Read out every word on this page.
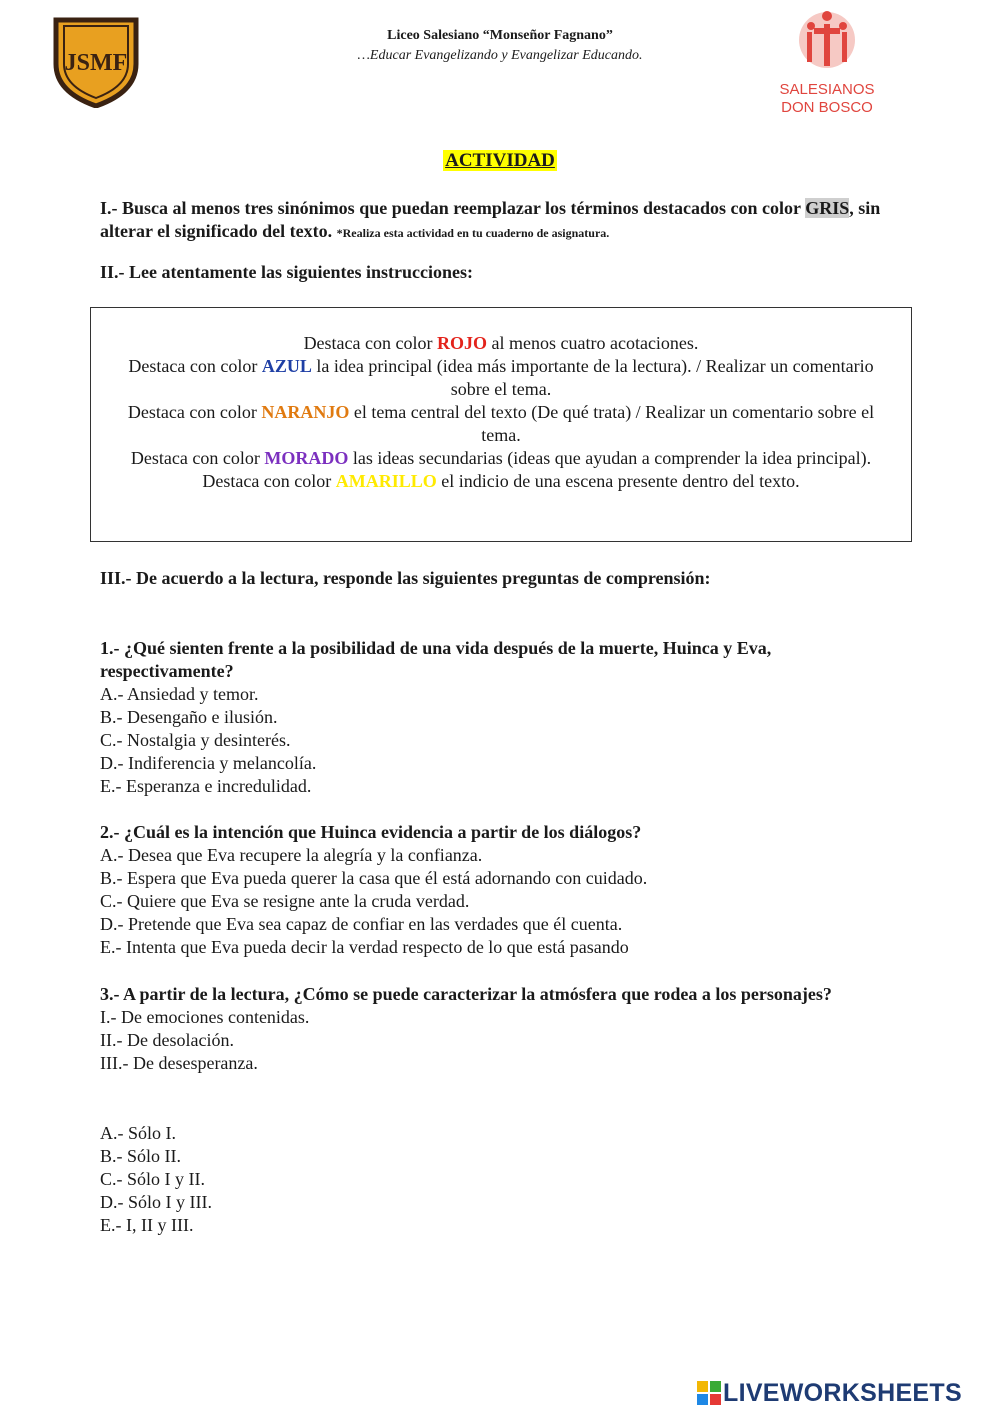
JSMF
Liceo Salesiano “Monseñor Fagnano”
…Educar Evangelizando y Evangelizar Educando.
SALESIANOS
DON BOSCO
ACTIVIDAD
I.- Busca al menos tres sinónimos que puedan reemplazar los términos destacados con color GRIS, sin alterar el significado del texto. *Realiza esta actividad en tu cuaderno de asignatura.
II.- Lee atentamente las siguientes instrucciones:
Destaca con color ROJO al menos cuatro acotaciones.
Destaca con color AZUL la idea principal (idea más importante de la lectura). / Realizar un comentario sobre el tema.
Destaca con color NARANJO el tema central del texto (De qué trata) / Realizar un comentario sobre el tema.
Destaca con color MORADO las ideas secundarias (ideas que ayudan a comprender la idea principal).
Destaca con color AMARILLO el indicio de una escena presente dentro del texto.
III.- De acuerdo a la lectura, responde las siguientes preguntas de comprensión:
1.- ¿Qué sienten frente a la posibilidad de una vida después de la muerte, Huinca y Eva, respectivamente?
A.- Ansiedad y temor.
B.- Desengaño e ilusión.
C.- Nostalgia y desinterés.
D.- Indiferencia y melancolía.
E.- Esperanza e incredulidad.
2.- ¿Cuál es la intención que Huinca evidencia a partir de los diálogos?
A.- Desea que Eva recupere la alegría y la confianza.
B.- Espera que Eva pueda querer la casa que él está adornando con cuidado.
C.- Quiere que Eva se resigne ante la cruda verdad.
D.- Pretende que Eva sea capaz de confiar en las verdades que él cuenta.
E.- Intenta que Eva pueda decir la verdad respecto de lo que está pasando
3.- A partir de la lectura, ¿Cómo se puede caracterizar la atmósfera que rodea a los personajes?
I.- De emociones contenidas.
II.- De desolación.
III.- De desesperanza.
A.- Sólo I.
B.- Sólo II.
C.- Sólo I y II.
D.- Sólo I y III.
E.- I, II y III.
LIVEWORKSHEETS
